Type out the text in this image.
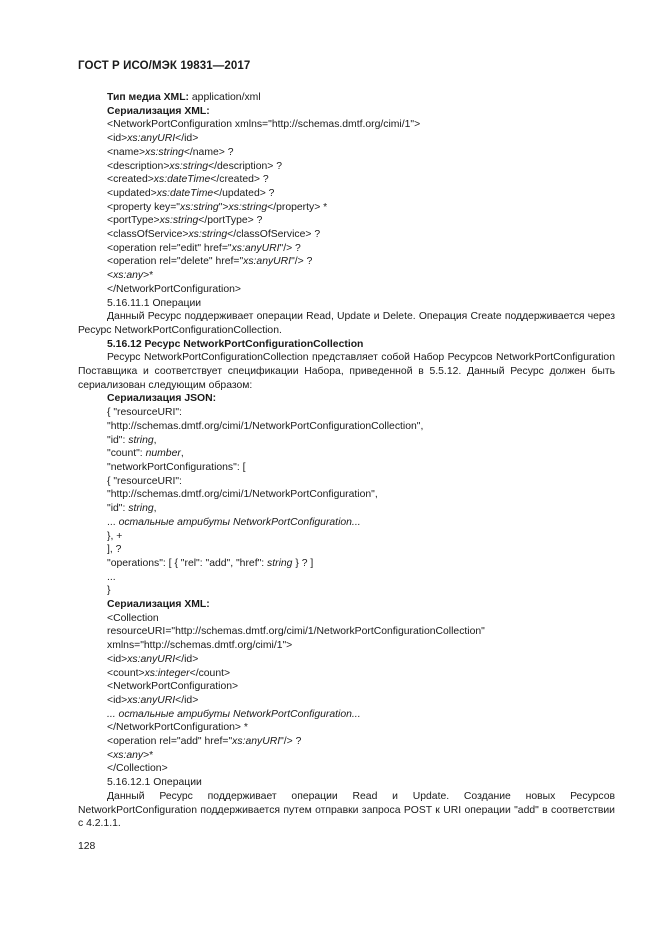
ГОСТ Р ИСО/МЭК 19831—2017
Тип медиа XML: application/xml
Сериализация XML:
<NetworkPortConfiguration xmlns="http://schemas.dmtf.org/cimi/1">
<id>xs:anyURI</id>
<name>xs:string</name> ?
<description>xs:string</description> ?
<created>xs:dateTime</created> ?
<updated>xs:dateTime</updated> ?
<property key="xs:string">xs:string</property> *
<portType>xs:string</portType> ?
<classOfService>xs:string</classOfService> ?
<operation rel="edit" href="xs:anyURI"/> ?
<operation rel="delete" href="xs:anyURI"/> ?
<xs:any>*
</NetworkPortConfiguration>
5.16.11.1 Операции

Данный Ресурс поддерживает операции Read, Update и Delete. Операция Create поддерживается через Ресурс NetworkPortConfigurationCollection.

5.16.12 Ресурс NetworkPortConfigurationCollection

Ресурс NetworkPortConfigurationCollection представляет собой Набор Ресурсов NetworkPortConfiguration Поставщика и соответствует спецификации Набора, приведенной в 5.5.12. Данный Ресурс должен быть сериализован следующим образом:

Сериализация JSON:
{ "resourceURI":
"http://schemas.dmtf.org/cimi/1/NetworkPortConfigurationCollection",
"id": string,
"count": number,
"networkPortConfigurations": [
{ "resourceURI":
"http://schemas.dmtf.org/cimi/1/NetworkPortConfiguration",
"id": string,
... остальные атрибуты NetworkPortConfiguration...
}, +
], ?
"operations": [ { "rel": "add", "href": string } ? ]
...
}
Сериализация XML:
<Collection
resourceURI="http://schemas.dmtf.org/cimi/1/NetworkPortConfigurationCollection"
xmlns="http://schemas.dmtf.org/cimi/1">
<id>xs:anyURI</id>
<count>xs:integer</count>
<NetworkPortConfiguration>
<id>xs:anyURI</id>
... остальные атрибуты NetworkPortConfiguration...
</NetworkPortConfiguration> *
<operation rel="add" href="xs:anyURI"/> ?
<xs:any>*
</Collection>
5.16.12.1 Операции

Данный Ресурс поддерживает операции Read и Update. Создание новых Ресурсов NetworkPortConfiguration поддерживается путем отправки запроса POST к URI операции "add" в соответствии с 4.2.1.1.

128
